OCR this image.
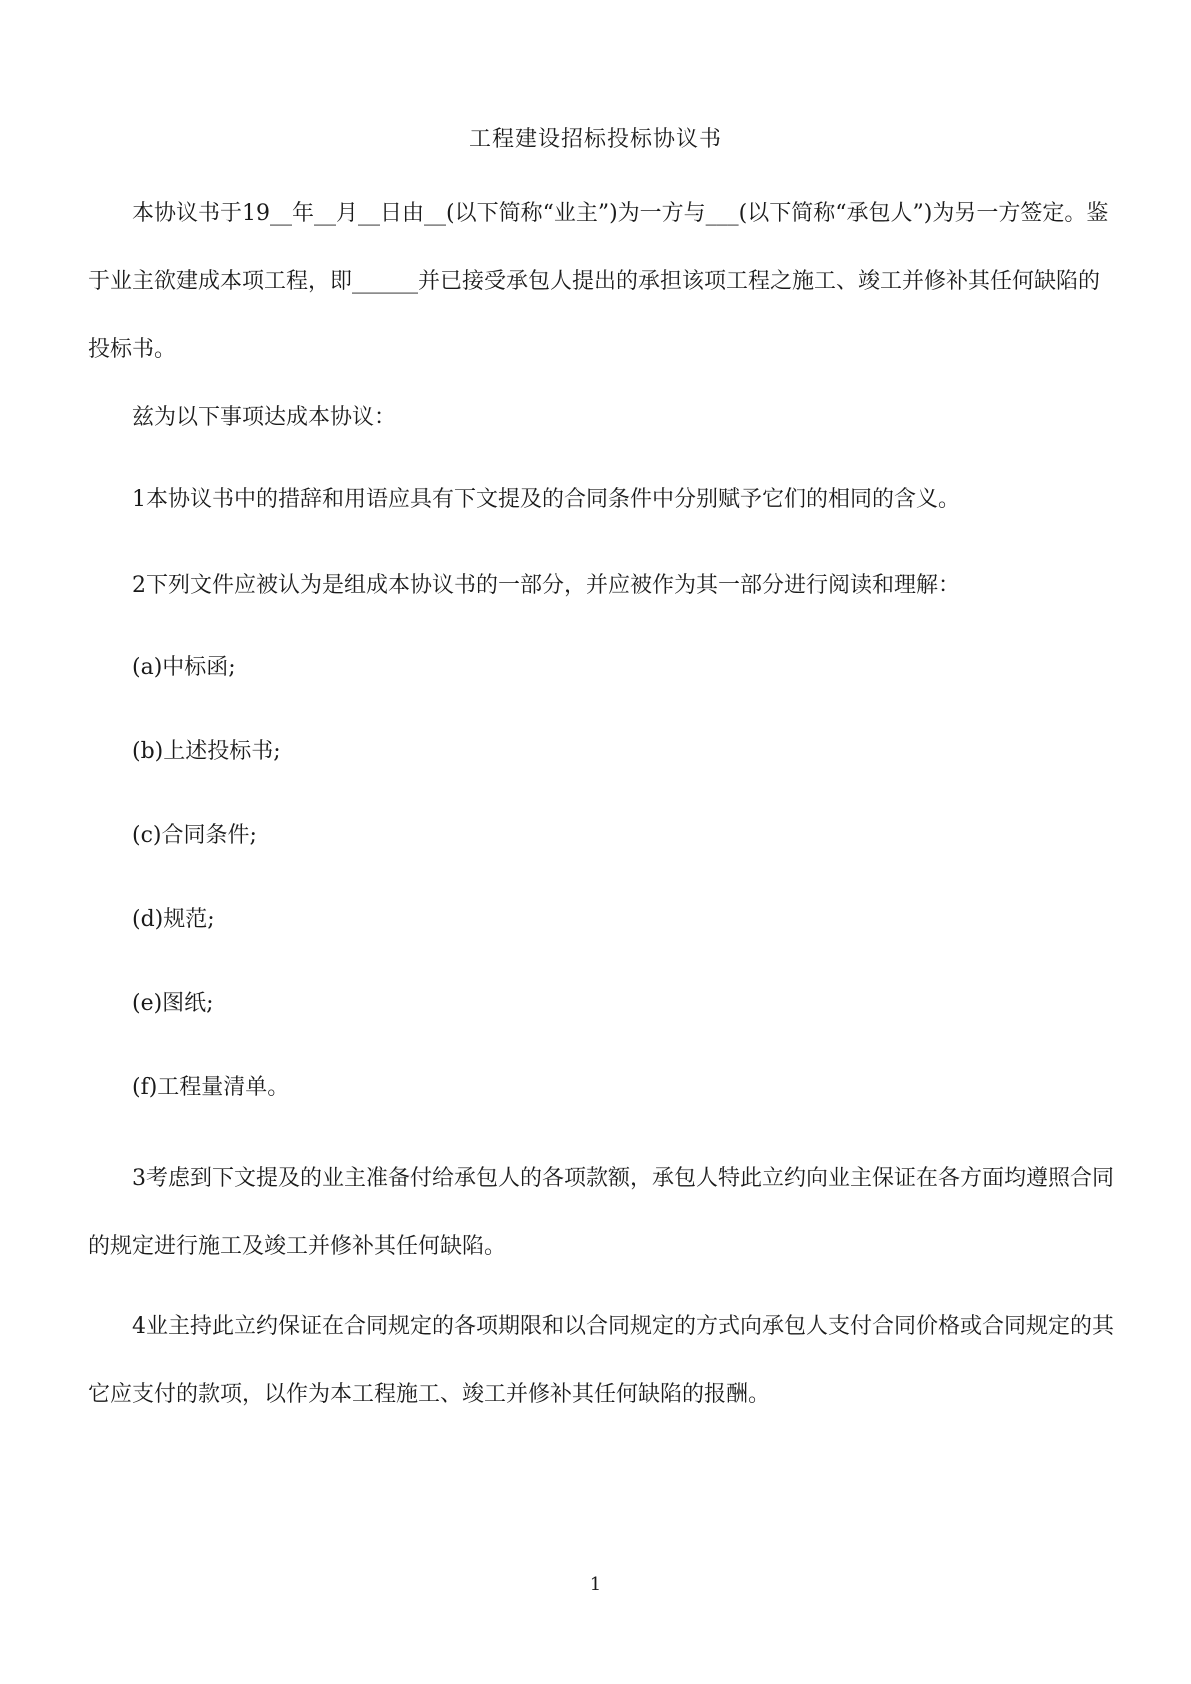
工程建设招标投标协议书

本协议书于19__年__月__日由__(以下简称“业主”)为一方与___(以下简称“承包人”)为另一方签定。鉴于业主欲建成本项工程，即______并已接受承包人提出的承担该项工程之施工、竣工并修补其任何缺陷的投标书。

兹为以下事项达成本协议：

1本协议书中的措辞和用语应具有下文提及的合同条件中分别赋予它们的相同的含义。

2下列文件应被认为是组成本协议书的一部分，并应被作为其一部分进行阅读和理解：

(a)中标函;

(b)上述投标书;

(c)合同条件;

(d)规范;

(e)图纸;

(f)工程量清单。

3考虑到下文提及的业主准备付给承包人的各项款额，承包人特此立约向业主保证在各方面均遵照合同的规定进行施工及竣工并修补其任何缺陷。

4业主持此立约保证在合同规定的各项期限和以合同规定的方式向承包人支付合同价格或合同规定的其它应支付的款项，以作为本工程施工、竣工并修补其任何缺陷的报酬。

1
